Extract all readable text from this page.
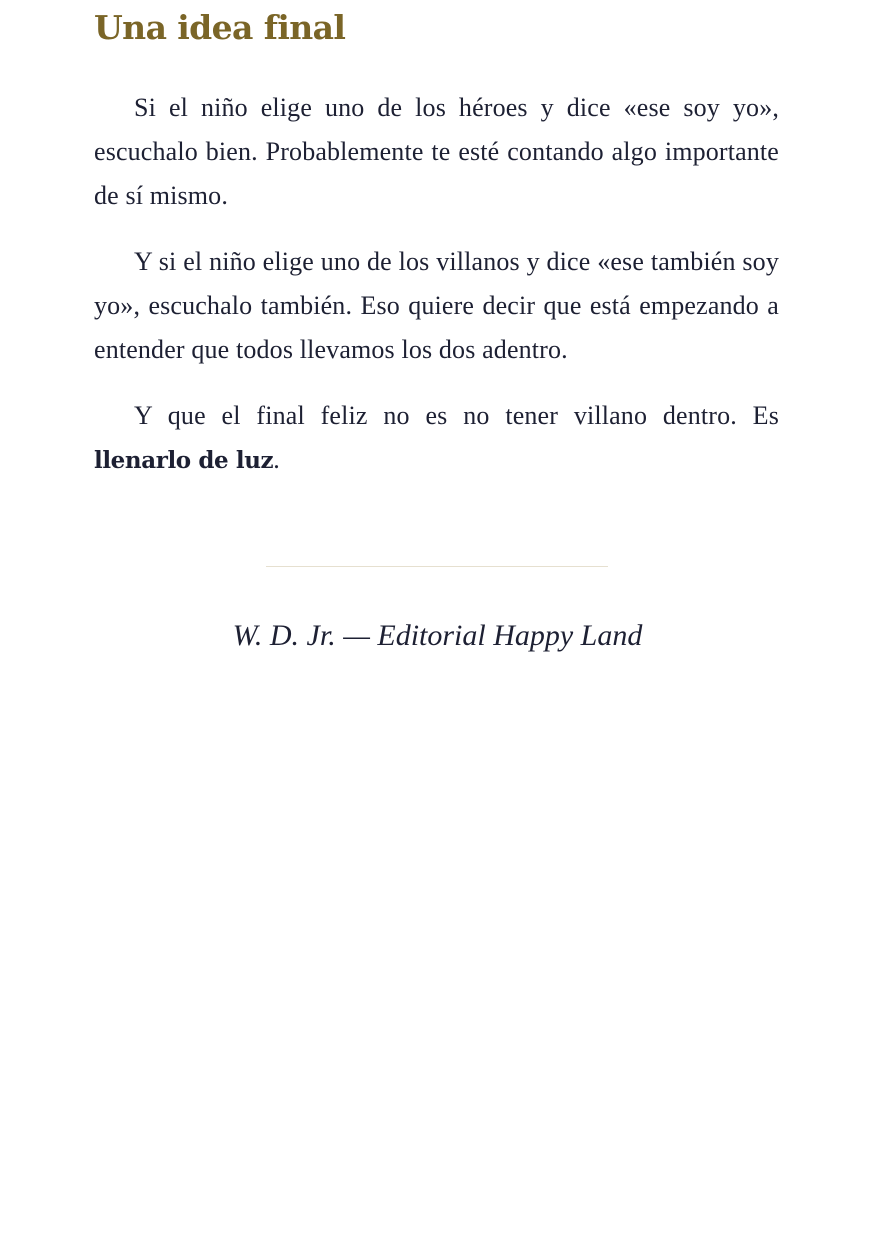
Una idea final

Si el niño elige uno de los héroes y dice «ese soy yo», escuchalo bien. Probablemente te esté contando algo importante de sí mismo.

Y si el niño elige uno de los villanos y dice «ese también soy yo», escuchalo también. Eso quiere decir que está empezando a entender que todos llevamos los dos adentro.

Y que el final feliz no es no tener villano dentro. Es llenarlo de luz.

W. D. Jr. — Editorial Happy Land
